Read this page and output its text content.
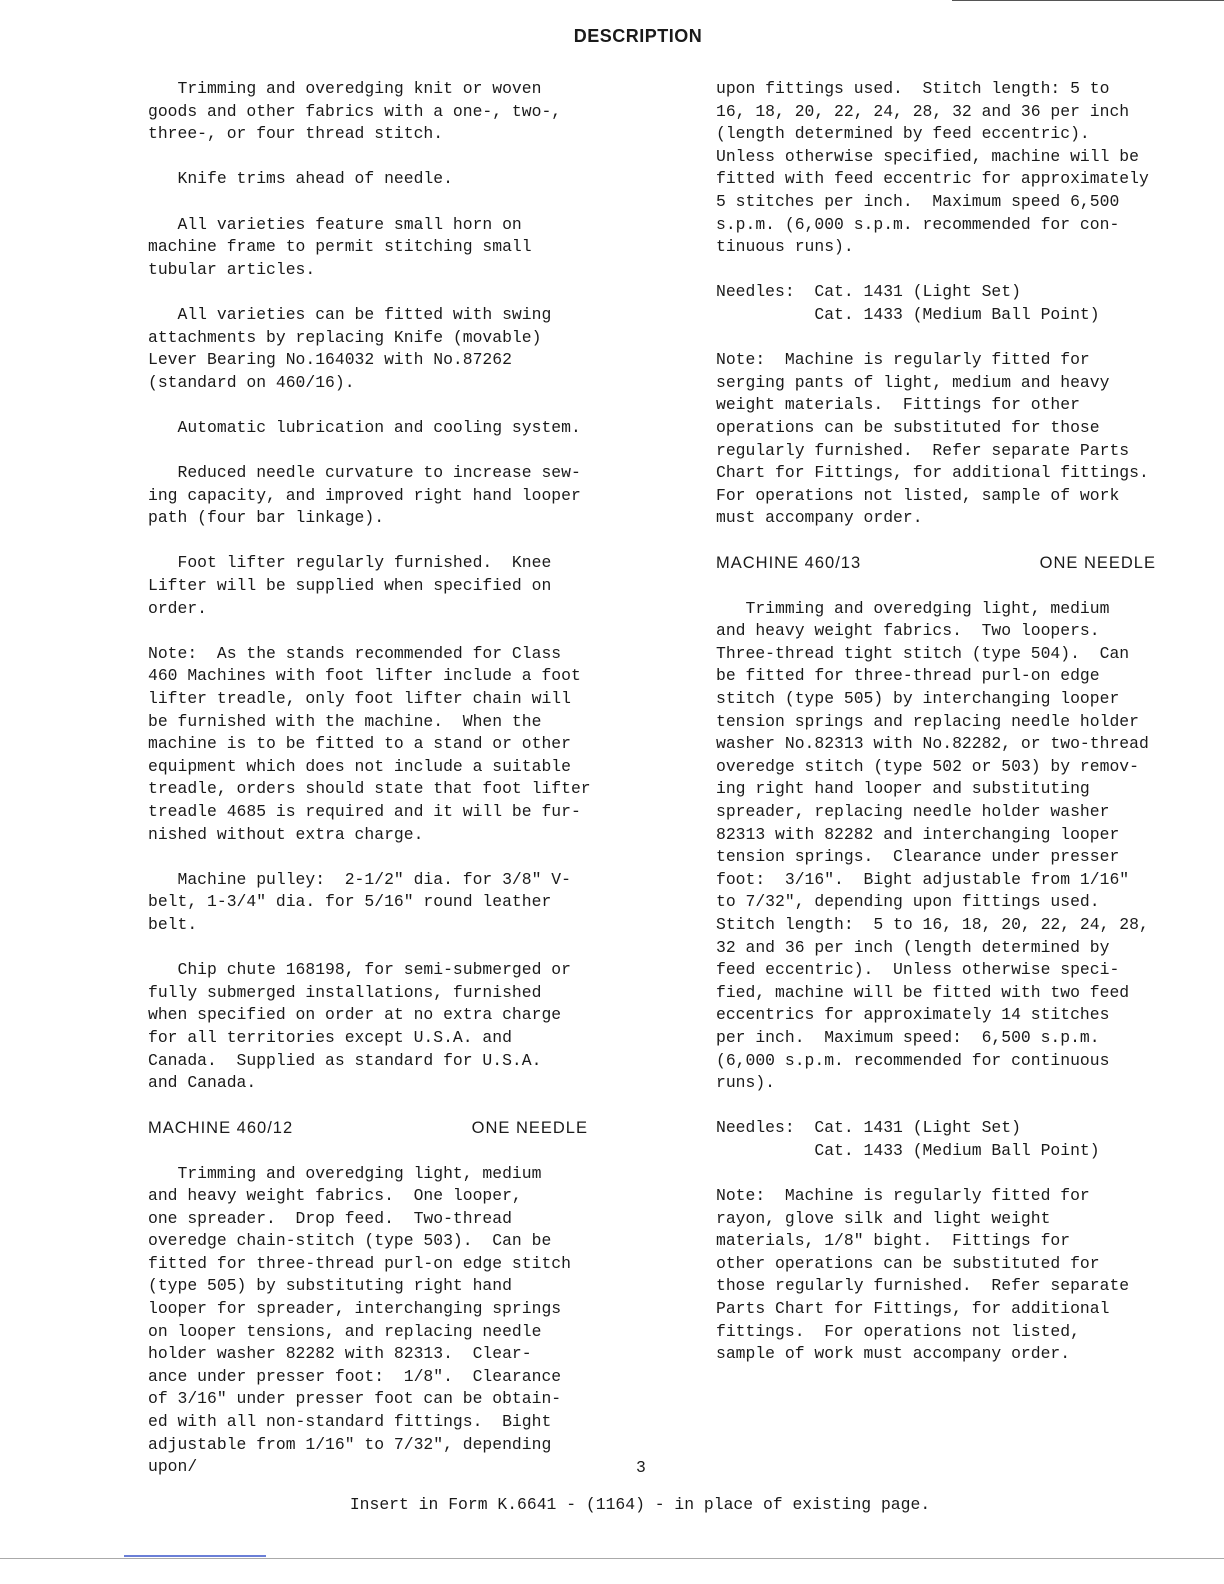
DESCRIPTION

Trimming and overedging knit or woven
goods and other fabrics with a one-, two-,
three-, or four thread stitch.

Knife trims ahead of needle.

All varieties feature small horn on
machine frame to permit stitching small
tubular articles.

All varieties can be fitted with swing
attachments by replacing Knife (movable)
Lever Bearing No.164032 with No.87262
(standard on 460/16).

Automatic lubrication and cooling system.

Reduced needle curvature to increase sew-
ing capacity, and improved right hand looper
path (four bar linkage).

Foot lifter regularly furnished.  Knee
Lifter will be supplied when specified on
order.

Note:  As the stands recommended for Class
460 Machines with foot lifter include a foot
lifter treadle, only foot lifter chain will
be furnished with the machine.  When the
machine is to be fitted to a stand or other
equipment which does not include a suitable
treadle, orders should state that foot lifter
treadle 4685 is required and it will be fur-
nished without extra charge.

Machine pulley:  2-1/2" dia. for 3/8" V-
belt, 1-3/4" dia. for 5/16" round leather
belt.

Chip chute 168198, for semi-submerged or
fully submerged installations, furnished
when specified on order at no extra charge
for all territories except U.S.A. and
Canada.  Supplied as standard for U.S.A.
and Canada.

MACHINE 460/12	ONE NEEDLE

Trimming and overedging light, medium
and heavy weight fabrics.  One looper,
one spreader.  Drop feed.  Two-thread
overedge chain-stitch (type 503).  Can be
fitted for three-thread purl-on edge stitch
(type 505) by substituting right hand
looper for spreader, interchanging springs
on looper tensions, and replacing needle
holder washer 82282 with 82313.  Clear-
ance under presser foot:  1/8".  Clearance
of 3/16" under presser foot can be obtain-
ed with all non-standard fittings.  Bight
adjustable from 1/16" to 7/32", depending
upon/

upon fittings used.  Stitch length: 5 to
16, 18, 20, 22, 24, 28, 32 and 36 per inch
(length determined by feed eccentric).
Unless otherwise specified, machine will be
fitted with feed eccentric for approximately
5 stitches per inch.  Maximum speed 6,500
s.p.m. (6,000 s.p.m. recommended for con-
tinuous runs).

Needles:  Cat. 1431 (Light Set)
Cat. 1433 (Medium Ball Point)

Note:  Machine is regularly fitted for
serging pants of light, medium and heavy
weight materials.  Fittings for other
operations can be substituted for those
regularly furnished.  Refer separate Parts
Chart for Fittings, for additional fittings.
For operations not listed, sample of work
must accompany order.

MACHINE 460/13	ONE NEEDLE

Trimming and overedging light, medium
and heavy weight fabrics.  Two loopers.
Three-thread tight stitch (type 504).  Can
be fitted for three-thread purl-on edge
stitch (type 505) by interchanging looper
tension springs and replacing needle holder
washer No.82313 with No.82282, or two-thread
overedge stitch (type 502 or 503) by remov-
ing right hand looper and substituting
spreader, replacing needle holder washer
82313 with 82282 and interchanging looper
tension springs.  Clearance under presser
foot:  3/16".  Bight adjustable from 1/16"
to 7/32", depending upon fittings used.
Stitch length:  5 to 16, 18, 20, 22, 24, 28,
32 and 36 per inch (length determined by
feed eccentric).  Unless otherwise speci-
fied, machine will be fitted with two feed
eccentrics for approximately 14 stitches
per inch.  Maximum speed:  6,500 s.p.m.
(6,000 s.p.m. recommended for continuous
runs).

Needles:  Cat. 1431 (Light Set)
Cat. 1433 (Medium Ball Point)

Note:  Machine is regularly fitted for
rayon, glove silk and light weight
materials, 1/8" bight.  Fittings for
other operations can be substituted for
those regularly furnished.  Refer separate
Parts Chart for Fittings, for additional
fittings.  For operations not listed,
sample of work must accompany order.

3
Insert in Form K.6641 - (1164) - in place of existing page.
